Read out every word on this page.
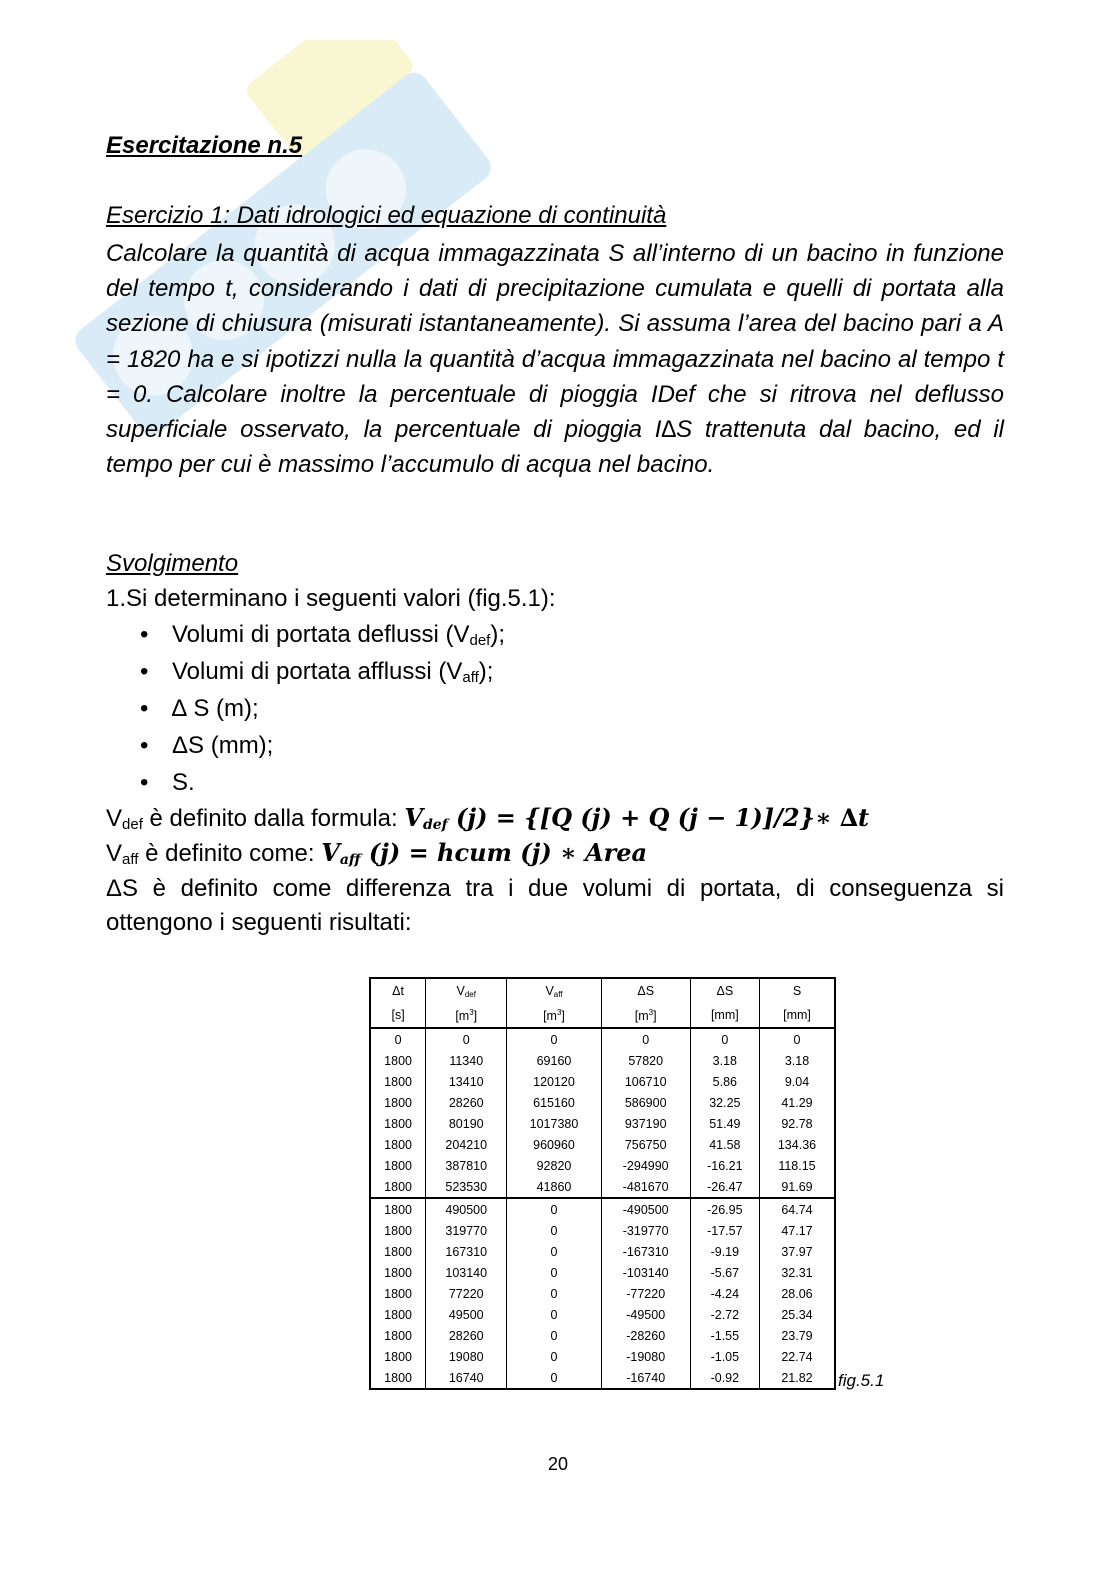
Esercitazione n.5
Esercizio 1: Dati idrologici ed equazione di continuità
Calcolare la quantità di acqua immagazzinata S all’interno di un bacino in funzione del tempo t, considerando i dati di precipitazione cumulata e quelli di portata alla sezione di chiusura (misurati istantaneamente). Si assuma l’area del bacino pari a A = 1820 ha e si ipotizzi nulla la quantità d’acqua immagazzinata nel bacino al tempo t = 0. Calcolare inoltre la percentuale di pioggia IDef che si ritrova nel deflusso superficiale osservato, la percentuale di pioggia I∆S trattenuta dal bacino, ed il tempo per cui è massimo l’accumulo di acqua nel bacino.
Svolgimento
1.Si determinano i seguenti valori (fig.5.1):
• Volumi di portata deflussi $(V_{def})$;
• Volumi di portata afflussi $(V_{aff})$;
• ∆ S (m);
• ΔS (mm);
• S.
$V_{def}$ è definito dalla formula: $V_{def}$ (j) = {[Q (j) + Q (j − 1)]/2}∗ ∆t
$V_{aff}$ è definito come: $V_{aff}$ (j) = hcum (j) ∗ Area
ΔS è definito come differenza tra i due volumi di portata, di conseguenza si ottengono i seguenti risultati:
Δt	Vdef	Vaff	ΔS	ΔS	S
[s]	$[m^3]$	$[m^3]$	$[m^3]$	[mm]	[mm]
0	0	0	0	0	0
1800	11340	69160	57820	3.18	3.18
1800	13410	120120	106710	5.86	9.04
1800	28260	615160	586900	32.25	41.29
1800	80190	1017380	937190	51.49	92.78
1800	204210	960960	756750	41.58	134.36
1800	387810	92820	-294990	-16.21	118.15
1800	523530	41860	-481670	-26.47	91.69
1800	490500	0	-490500	-26.95	64.74
1800	319770	0	-319770	-17.57	47.17
1800	167310	0	-167310	-9.19	37.97
1800	103140	0	-103140	-5.67	32.31
1800	77220	0	-77220	-4.24	28.06
1800	49500	0	-49500	-2.72	25.34
1800	28260	0	-28260	-1.55	23.79
1800	19080	0	-19080	-1.05	22.74
1800	16740	0	-16740	-0.92	21.82 fig.5.1
20
